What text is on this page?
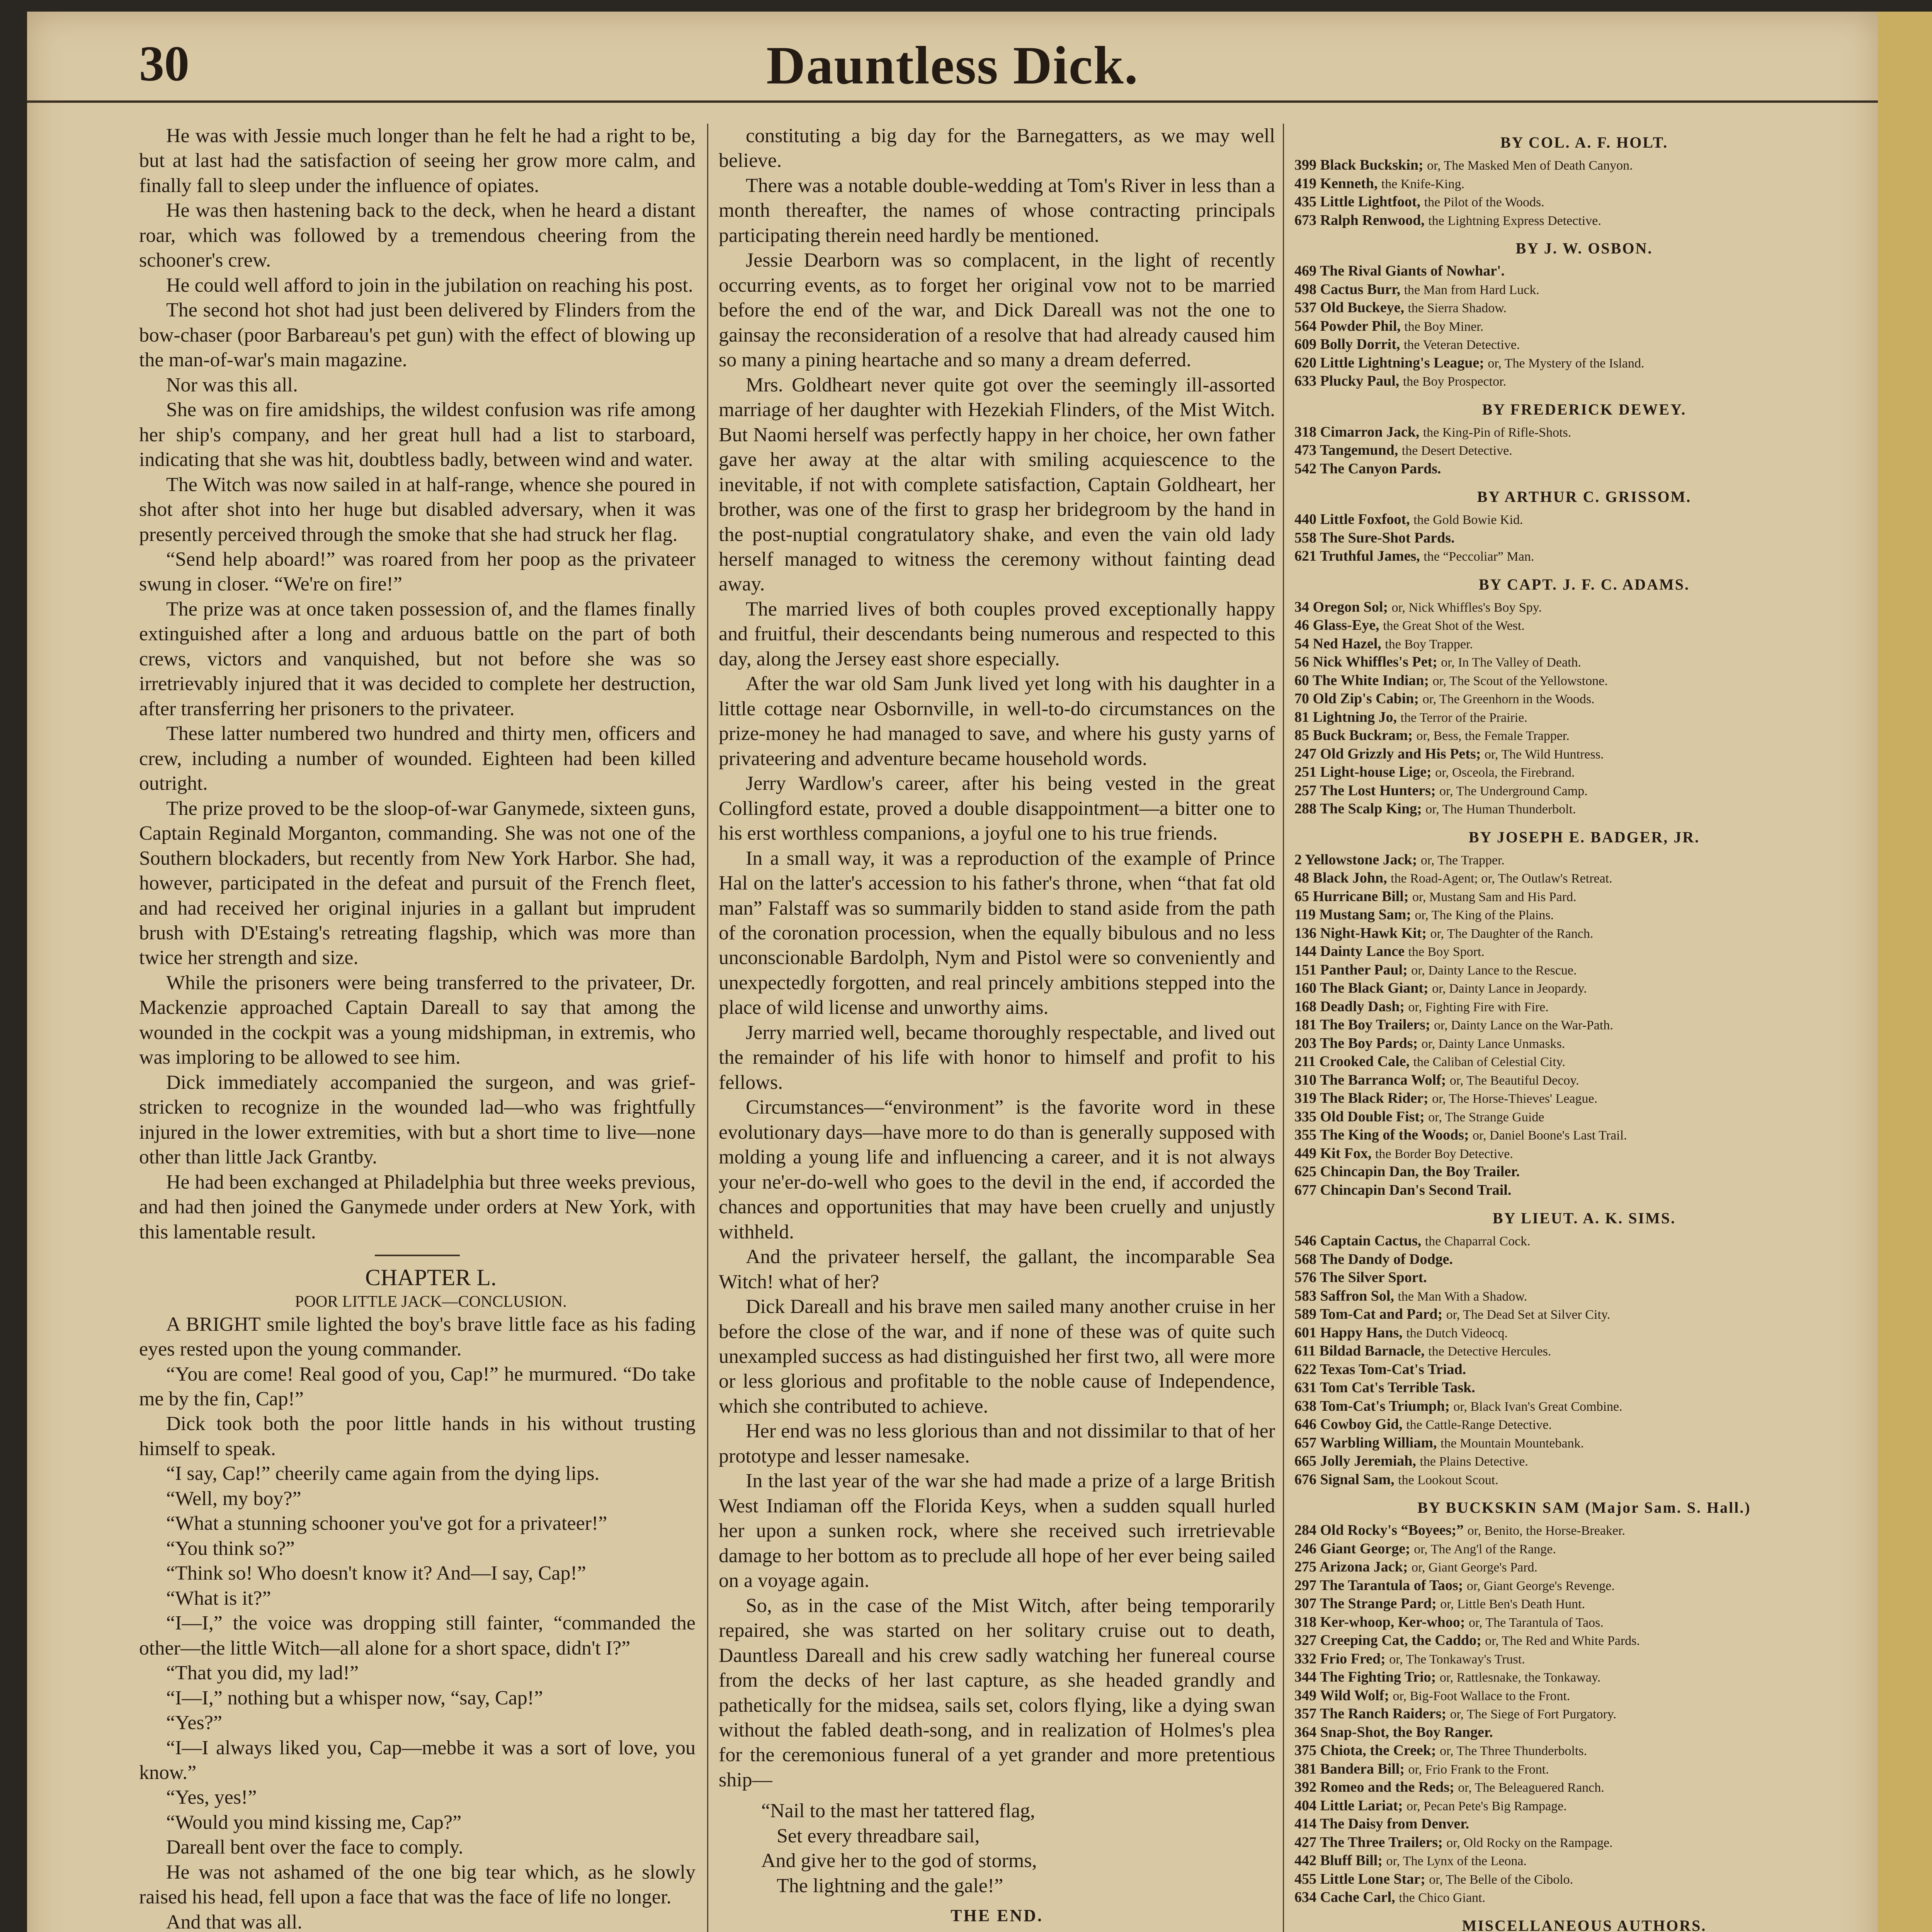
30	Dauntless Dick.

He was with Jessie much longer than he felt he had a right to be, but at last had the satisfaction of seeing her grow more calm, and finally fall to sleep under the influence of opiates.

He was then hastening back to the deck, when he heard a distant roar, which was followed by a tremendous cheering from the schooner's crew.

He could well afford to join in the jubilation on reaching his post.

The second hot shot had just been delivered by Flinders from the bow-chaser (poor Barbareau's pet gun) with the effect of blowing up the man-of-war's main magazine.

Nor was this all.

She was on fire amidships, the wildest confusion was rife among her ship's company, and her great hull had a list to starboard, indicating that she was hit, doubtless badly, between wind and water.

The Witch was now sailed in at half-range, whence she poured in shot after shot into her huge but disabled adversary, when it was presently perceived through the smoke that she had struck her flag.

“Send help aboard!” was roared from her poop as the privateer swung in closer. “We're on fire!”

The prize was at once taken possession of, and the flames finally extinguished after a long and arduous battle on the part of both crews, victors and vanquished, but not before she was so irretrievably injured that it was decided to complete her destruction, after transferring her prisoners to the privateer.

These latter numbered two hundred and thirty men, officers and crew, including a number of wounded. Eighteen had been killed outright.

The prize proved to be the sloop-of-war Ganymede, sixteen guns, Captain Reginald Morganton, commanding. She was not one of the Southern blockaders, but recently from New York Harbor. She had, however, participated in the defeat and pursuit of the French fleet, and had received her original injuries in a gallant but imprudent brush with D'Estaing's retreating flagship, which was more than twice her strength and size.

While the prisoners were being transferred to the privateer, Dr. Mackenzie approached Captain Dareall to say that among the wounded in the cockpit was a young midshipman, in extremis, who was imploring to be allowed to see him.

Dick immediately accompanied the surgeon, and was grief-stricken to recognize in the wounded lad—who was frightfully injured in the lower extremities, with but a short time to live—none other than little Jack Grantby.

He had been exchanged at Philadelphia but three weeks previous, and had then joined the Ganymede under orders at New York, with this lamentable result.

CHAPTER L.

POOR LITTLE JACK—CONCLUSION.

A BRIGHT smile lighted the boy's brave little face as his fading eyes rested upon the young commander.

“You are come! Real good of you, Cap!” he murmured. “Do take me by the fin, Cap!”

Dick took both the poor little hands in his without trusting himself to speak.

“I say, Cap!” cheerily came again from the dying lips.

“Well, my boy?”

“What a stunning schooner you've got for a privateer!”

“You think so?”

“Think so! Who doesn't know it? And—I say, Cap!”

“What is it?”

“I—I,” the voice was dropping still fainter, “commanded the other—the little Witch—all alone for a short space, didn't I?”

“That you did, my lad!”

“I—I,” nothing but a whisper now, “say, Cap!”

“Yes?”

“I—I always liked you, Cap—mebbe it was a sort of love, you know.”

“Yes, yes!”

“Would you mind kissing me, Cap?”

Dareall bent over the face to comply.

He was not ashamed of the one big tear which, as he slowly raised his head, fell upon a face that was the face of life no longer.

And that was all.

constituting a big day for the Barnegatters, as we may well believe.

There was a notable double-wedding at Tom's River in less than a month thereafter, the names of whose contracting principals participating therein need hardly be mentioned.

Jessie Dearborn was so complacent, in the light of recently occurring events, as to forget her original vow not to be married before the end of the war, and Dick Dareall was not the one to gainsay the reconsideration of a resolve that had already caused him so many a pining heartache and so many a dream deferred.

Mrs. Goldheart never quite got over the seemingly ill-assorted marriage of her daughter with Hezekiah Flinders, of the Mist Witch. But Naomi herself was perfectly happy in her choice, her own father gave her away at the altar with smiling acquiescence to the inevitable, if not with complete satisfaction, Captain Goldheart, her brother, was one of the first to grasp her bridegroom by the hand in the post-nuptial congratulatory shake, and even the vain old lady herself managed to witness the ceremony without fainting dead away.

The married lives of both couples proved exceptionally happy and fruitful, their descendants being numerous and respected to this day, along the Jersey east shore especially.

After the war old Sam Junk lived yet long with his daughter in a little cottage near Osbornville, in well-to-do circumstances on the prize-money he had managed to save, and where his gusty yarns of privateering and adventure became household words.

Jerry Wardlow's career, after his being vested in the great Collingford estate, proved a double disappointment—a bitter one to his erst worthless companions, a joyful one to his true friends.

In a small way, it was a reproduction of the example of Prince Hal on the latter's accession to his father's throne, when “that fat old man” Falstaff was so summarily bidden to stand aside from the path of the coronation procession, when the equally bibulous and no less unconscionable Bardolph, Nym and Pistol were so conveniently and unexpectedly forgotten, and real princely ambitions stepped into the place of wild license and unworthy aims.

Jerry married well, became thoroughly respectable, and lived out the remainder of his life with honor to himself and profit to his fellows.

Circumstances—“environment” is the favorite word in these evolutionary days—have more to do than is generally supposed with molding a young life and influencing a career, and it is not always your ne'er-do-well who goes to the devil in the end, if accorded the chances and opportunities that may have been cruelly and unjustly withheld.

And the privateer herself, the gallant, the incomparable Sea Witch! what of her?

Dick Dareall and his brave men sailed many another cruise in her before the close of the war, and if none of these was of quite such unexampled success as had distinguished her first two, all were more or less glorious and profitable to the noble cause of Independence, which she contributed to achieve.

Her end was no less glorious than and not dissimilar to that of her prototype and lesser namesake.

In the last year of the war she had made a prize of a large British West Indiaman off the Florida Keys, when a sudden squall hurled her upon a sunken rock, where she received such irretrievable damage to her bottom as to preclude all hope of her ever being sailed on a voyage again.

So, as in the case of the Mist Witch, after being temporarily repaired, she was started on her solitary cruise out to death, Dauntless Dareall and his crew sadly watching her funereal course from the decks of her last capture, as she headed grandly and pathetically for the midsea, sails set, colors flying, like a dying swan without the fabled death-song, and in realization of Holmes's plea for the ceremonious funeral of a yet grander and more pretentious ship—

“Nail to the mast her tattered flag,
Set every threadbare sail,
And give her to the god of storms,
The lightning and the gale!”
THE END.
BY COL. A. F. HOLT.
399 Black Buckskin; or, The Masked Men of Death Canyon.
419 Kenneth, the Knife-King.
435 Little Lightfoot, the Pilot of the Woods.
673 Ralph Renwood, the Lightning Express Detective.
BY J. W. OSBON.
469 The Rival Giants of Nowhar'.
498 Cactus Burr, the Man from Hard Luck.
537 Old Buckeye, the Sierra Shadow.
564 Powder Phil, the Boy Miner.
609 Bolly Dorrit, the Veteran Detective.
620 Little Lightning's League; or, The Mystery of the Island.
633 Plucky Paul, the Boy Prospector.
BY FREDERICK DEWEY.
318 Cimarron Jack, the King-Pin of Rifle-Shots.
473 Tangemund, the Desert Detective.
542 The Canyon Pards.
BY ARTHUR C. GRISSOM.
440 Little Foxfoot, the Gold Bowie Kid.
558 The Sure-Shot Pards.
621 Truthful James, the “Peccoliar” Man.
BY CAPT. J. F. C. ADAMS.
34 Oregon Sol; or, Nick Whiffles's Boy Spy.
46 Glass-Eye, the Great Shot of the West.
54 Ned Hazel, the Boy Trapper.
56 Nick Whiffles's Pet; or, In The Valley of Death.
60 The White Indian; or, The Scout of the Yellowstone.
70 Old Zip's Cabin; or, The Greenhorn in the Woods.
81 Lightning Jo, the Terror of the Prairie.
85 Buck Buckram; or, Bess, the Female Trapper.
247 Old Grizzly and His Pets; or, The Wild Huntress.
251 Light-house Lige; or, Osceola, the Firebrand.
257 The Lost Hunters; or, The Underground Camp.
288 The Scalp King; or, The Human Thunderbolt.
BY JOSEPH E. BADGER, JR.
2 Yellowstone Jack; or, The Trapper.
48 Black John, the Road-Agent; or, The Outlaw's Retreat.
65 Hurricane Bill; or, Mustang Sam and His Pard.
119 Mustang Sam; or, The King of the Plains.
136 Night-Hawk Kit; or, The Daughter of the Ranch.
144 Dainty Lance the Boy Sport.
151 Panther Paul; or, Dainty Lance to the Rescue.
160 The Black Giant; or, Dainty Lance in Jeopardy.
168 Deadly Dash; or, Fighting Fire with Fire.
181 The Boy Trailers; or, Dainty Lance on the War-Path.
203 The Boy Pards; or, Dainty Lance Unmasks.
211 Crooked Cale, the Caliban of Celestial City.
310 The Barranca Wolf; or, The Beautiful Decoy.
319 The Black Rider; or, The Horse-Thieves' League.
335 Old Double Fist; or, The Strange Guide
355 The King of the Woods; or, Daniel Boone's Last Trail.
449 Kit Fox, the Border Boy Detective.
625 Chincapin Dan, the Boy Trailer.
677 Chincapin Dan's Second Trail.
BY LIEUT. A. K. SIMS.
546 Captain Cactus, the Chaparral Cock.
568 The Dandy of Dodge.
576 The Silver Sport.
583 Saffron Sol, the Man With a Shadow.
589 Tom-Cat and Pard; or, The Dead Set at Silver City.
601 Happy Hans, the Dutch Videocq.
611 Bildad Barnacle, the Detective Hercules.
622 Texas Tom-Cat's Triad.
631 Tom Cat's Terrible Task.
638 Tom-Cat's Triumph; or, Black Ivan's Great Combine.
646 Cowboy Gid, the Cattle-Range Detective.
657 Warbling William, the Mountain Mountebank.
665 Jolly Jeremiah, the Plains Detective.
676 Signal Sam, the Lookout Scout.
BY BUCKSKIN SAM (Major Sam. S. Hall.)
284 Old Rocky's “Boyees;” or, Benito, the Horse-Breaker.
246 Giant George; or, The Ang'l of the Range.
275 Arizona Jack; or, Giant George's Pard.
297 The Tarantula of Taos; or, Giant George's Revenge.
307 The Strange Pard; or, Little Ben's Death Hunt.
318 Ker-whoop, Ker-whoo; or, The Tarantula of Taos.
327 Creeping Cat, the Caddo; or, The Red and White Pards.
332 Frio Fred; or, The Tonkaway's Trust.
344 The Fighting Trio; or, Rattlesnake, the Tonkaway.
349 Wild Wolf; or, Big-Foot Wallace to the Front.
357 The Ranch Raiders; or, The Siege of Fort Purgatory.
364 Snap-Shot, the Boy Ranger.
375 Chiota, the Creek; or, The Three Thunderbolts.
381 Bandera Bill; or, Frio Frank to the Front.
392 Romeo and the Reds; or, The Beleaguered Ranch.
404 Little Lariat; or, Pecan Pete's Big Rampage.
414 The Daisy from Denver.
427 The Three Trailers; or, Old Rocky on the Rampage.
442 Bluff Bill; or, The Lynx of the Leona.
455 Little Lone Star; or, The Belle of the Cibolo.
634 Cache Carl, the Chico Giant.
MISCELLANEOUS AUTHORS.
